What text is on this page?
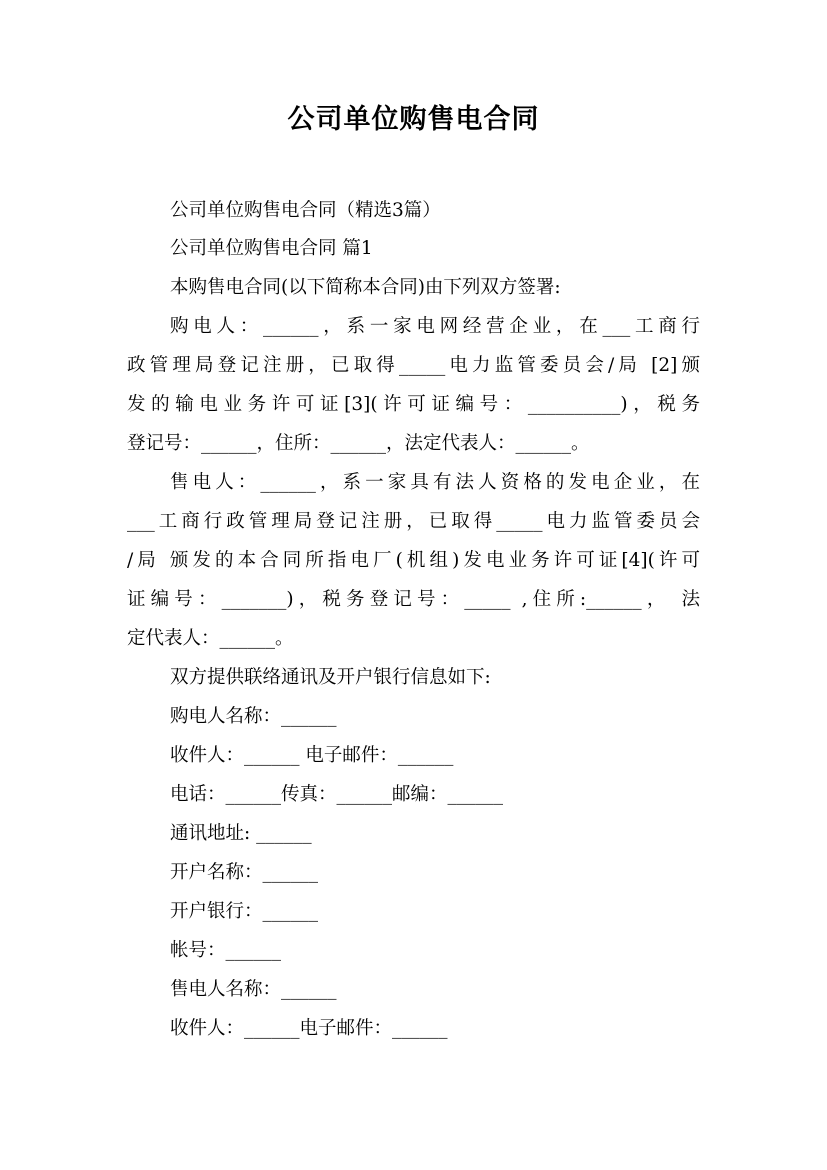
公司单位购售电合同

公司单位购售电合同（精选3篇）

公司单位购售电合同 篇1

本购售电合同(以下简称本合同)由下列双方签署:

购电人：______，系一家电网经营企业，在___工商行

政管理局登记注册，已取得_____电力监管委员会/局 [2]颁

发的输电业务许可证[3](许可证编号：__________)，税务

登记号：______，住所：______，法定代表人：______。

售电人：______，系一家具有法人资格的发电企业，在

___工商行政管理局登记注册，已取得_____电力监管委员会

/局 颁发的本合同所指电厂(机组)发电业务许可证[4](许可

证编号：_______)，税务登记号：_____ ,住所:______， 法

定代表人：______。

双方提供联络通讯及开户银行信息如下:

购电人名称：______

收件人：______ 电子邮件：______

电话：______传真：______邮编：______

通讯地址: ______

开户名称：______

开户银行：______

帐号：______

售电人名称：______

收件人：______电子邮件：______
